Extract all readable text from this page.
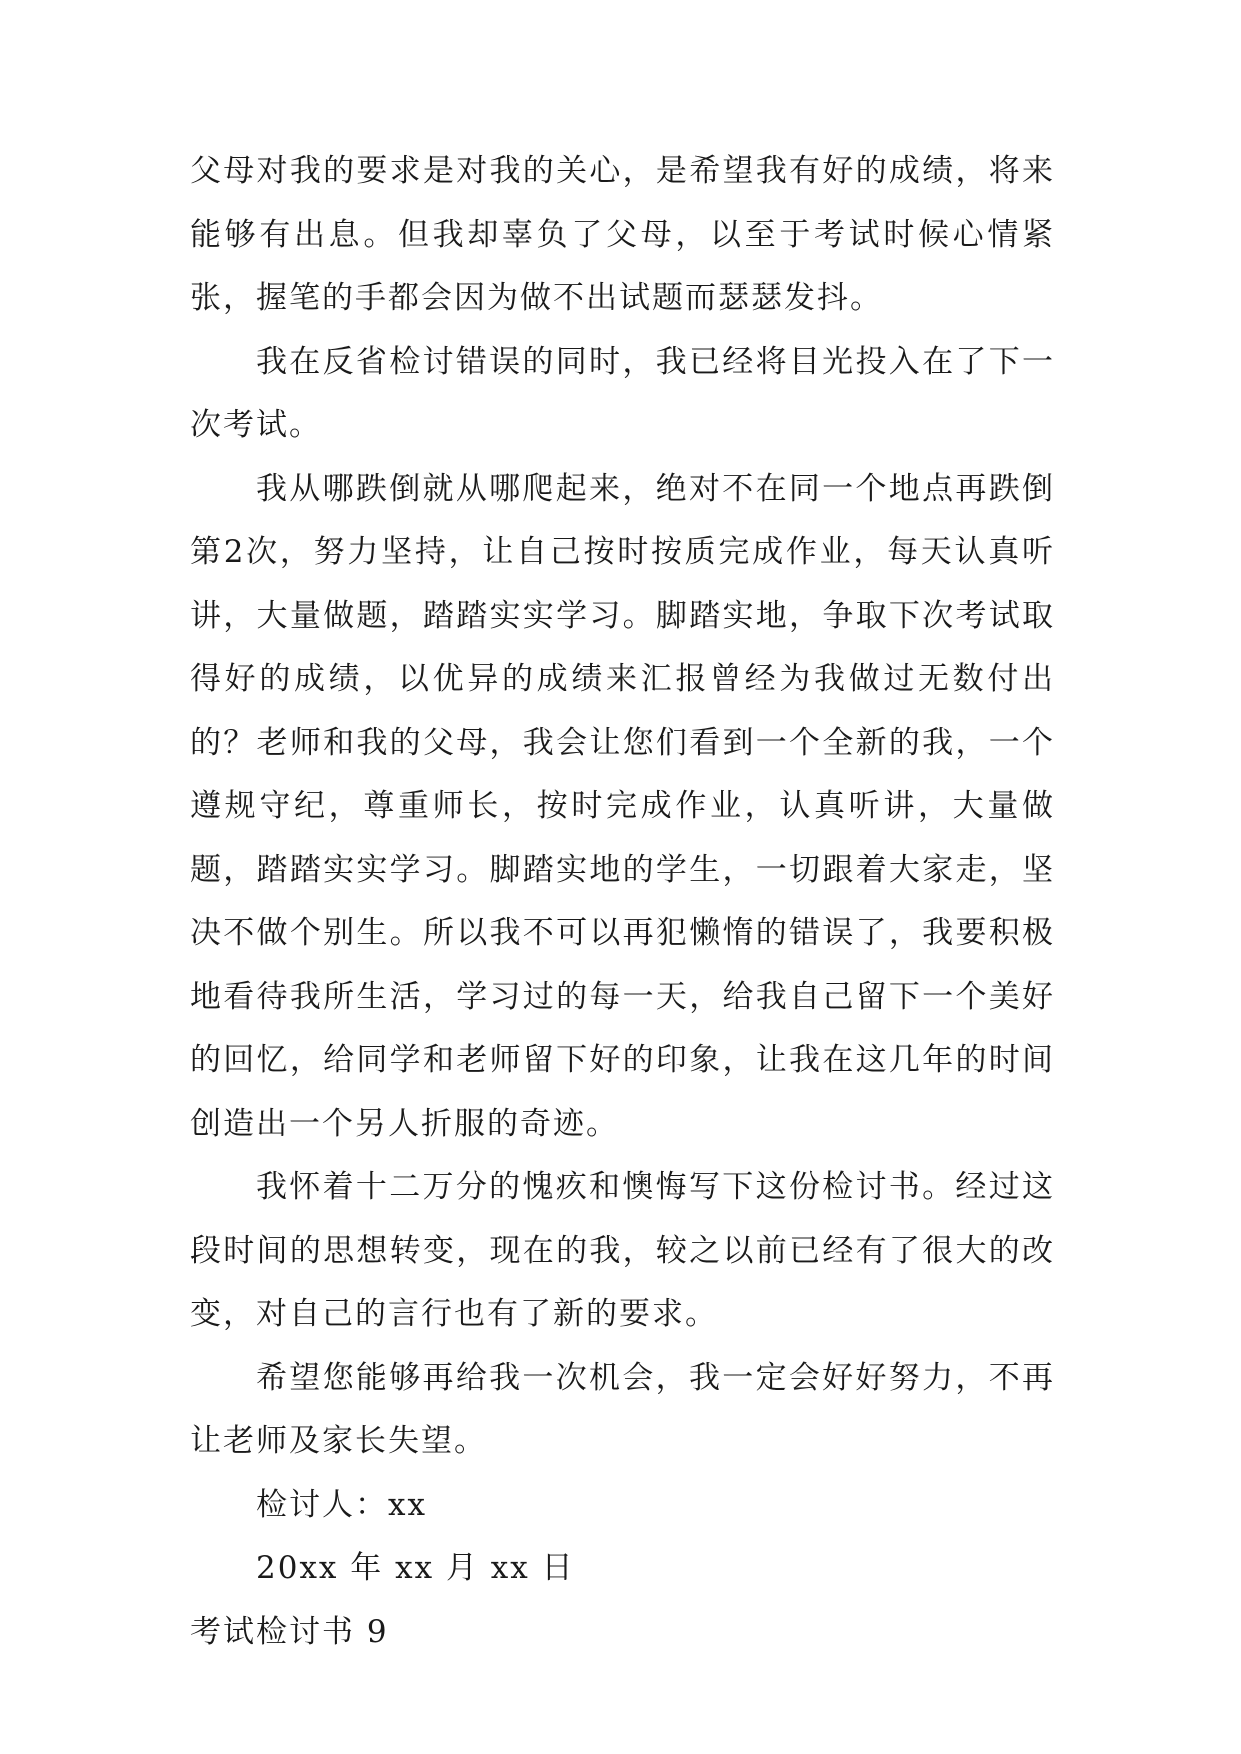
父母对我的要求是对我的关心，是希望我有好的成绩，将来能够有出息。但我却辜负了父母，以至于考试时候心情紧张，握笔的手都会因为做不出试题而瑟瑟发抖。

我在反省检讨错误的同时，我已经将目光投入在了下一次考试。

我从哪跌倒就从哪爬起来，绝对不在同一个地点再跌倒第2次，努力坚持，让自己按时按质完成作业，每天认真听讲，大量做题，踏踏实实学习。脚踏实地，争取下次考试取得好的成绩，以优异的成绩来汇报曾经为我做过无数付出的？老师和我的父母，我会让您们看到一个全新的我，一个遵规守纪，尊重师长，按时完成作业，认真听讲，大量做题，踏踏实实学习。脚踏实地的学生，一切跟着大家走，坚决不做个别生。所以我不可以再犯懒惰的错误了，我要积极地看待我所生活，学习过的每一天，给我自己留下一个美好的回忆，给同学和老师留下好的印象，让我在这几年的时间创造出一个另人折服的奇迹。

我怀着十二万分的愧疚和懊悔写下这份检讨书。经过这段时间的思想转变，现在的我，较之以前已经有了很大的改变，对自己的言行也有了新的要求。

希望您能够再给我一次机会，我一定会好好努力，不再让老师及家长失望。

检讨人：xx

20xx 年 xx 月 xx 日

考试检讨书 9
